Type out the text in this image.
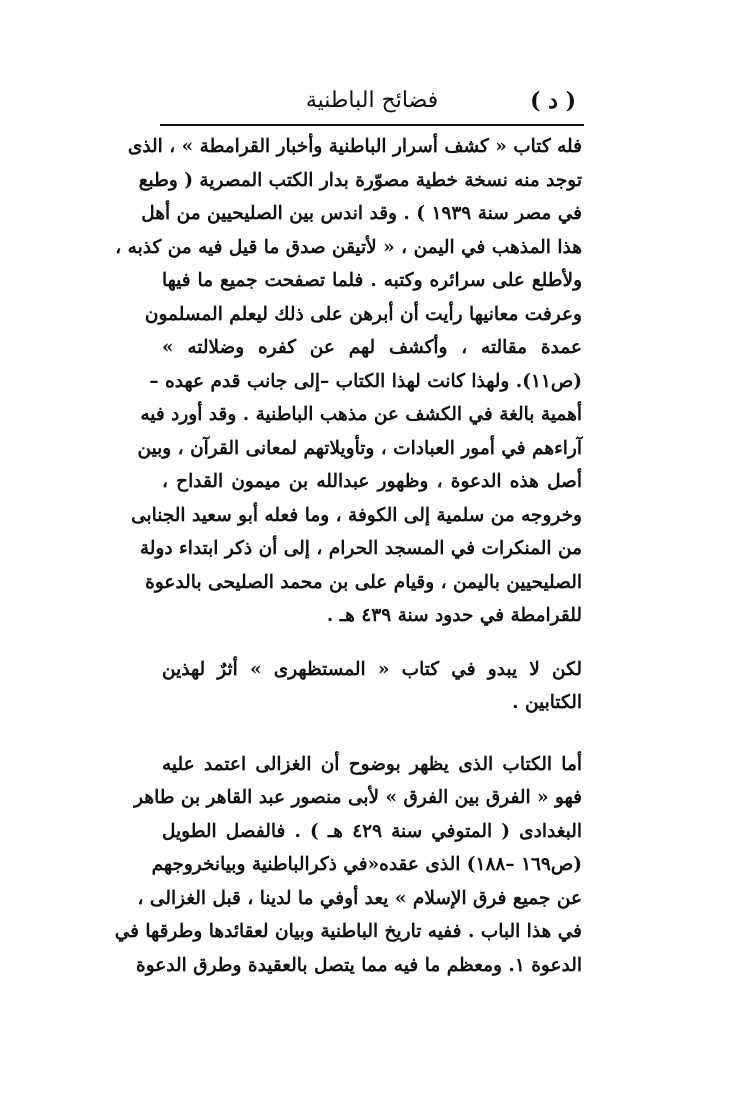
( د )
فضائح الباطنية
فله كتاب « كشف أسرار الباطنية وأخبار القرامطة » ، الذى
توجد منه نسخة خطية مصوّرة بدار الكتب المصرية ( وطبع
في مصر سنة ١٩٣٩ ) . وقد اندس بين الصليحيين من أهل
هذا المذهب في اليمن ، « لأتيقن صدق ما قيل فيه من كذبه ،
ولأطلع على سرائره وكتبه . فلما تصفحت جميع ما فيها
وعرفت معانيها رأيت أن أبرهن على ذلك ليعلم المسلمون
عمدة مقالته ، وأكشف لهم عن كفره وضلالته »
(ص١١). ولهذا كانت لهذا الكتاب –إلى جانب قدم عهده –
أهمية بالغة في الكشف عن مذهب الباطنية . وقد أورد فيه
آراءهم في أمور العبادات ، وتأويلاتهم لمعانى القرآن ، وبين
أصل هذه الدعوة ، وظهور عبدالله بن ميمون القداح ،
وخروجه من سلمية إلى الكوفة ، وما فعله أبو سعيد الجنابى
من المنكرات في المسجد الحرام ، إلى أن ذكر ابتداء دولة
الصليحيين باليمن ، وقيام على بن محمد الصليحى بالدعوة
للقرامطة في حدود سنة ٤٣٩ هـ .
لكن لا يبدو في كتاب « المستظهرى » أثرٌ لهذين
الكتابين .
أما الكتاب الذى يظهر بوضوح أن الغزالى اعتمد عليه
فهو « الفرق بين الفرق » لأبى منصور عبد القاهر بن طاهر
البغدادى ( المتوفي سنة ٤٢٩ هـ ) . فالفصل الطويل
(ص١٦٩ –١٨٨) الذى عقده«في ذكرالباطنية وبيانخروجهم
عن جميع فرق الإسلام » يعد أوفي ما لدينا ، قبل الغزالى ،
في هذا الباب . ففيه تاريخ الباطنية وبيان لعقائدها وطرقها في
الدعوة ١. ومعظم ما فيه مما يتصل بالعقيدة وطرق الدعوة
